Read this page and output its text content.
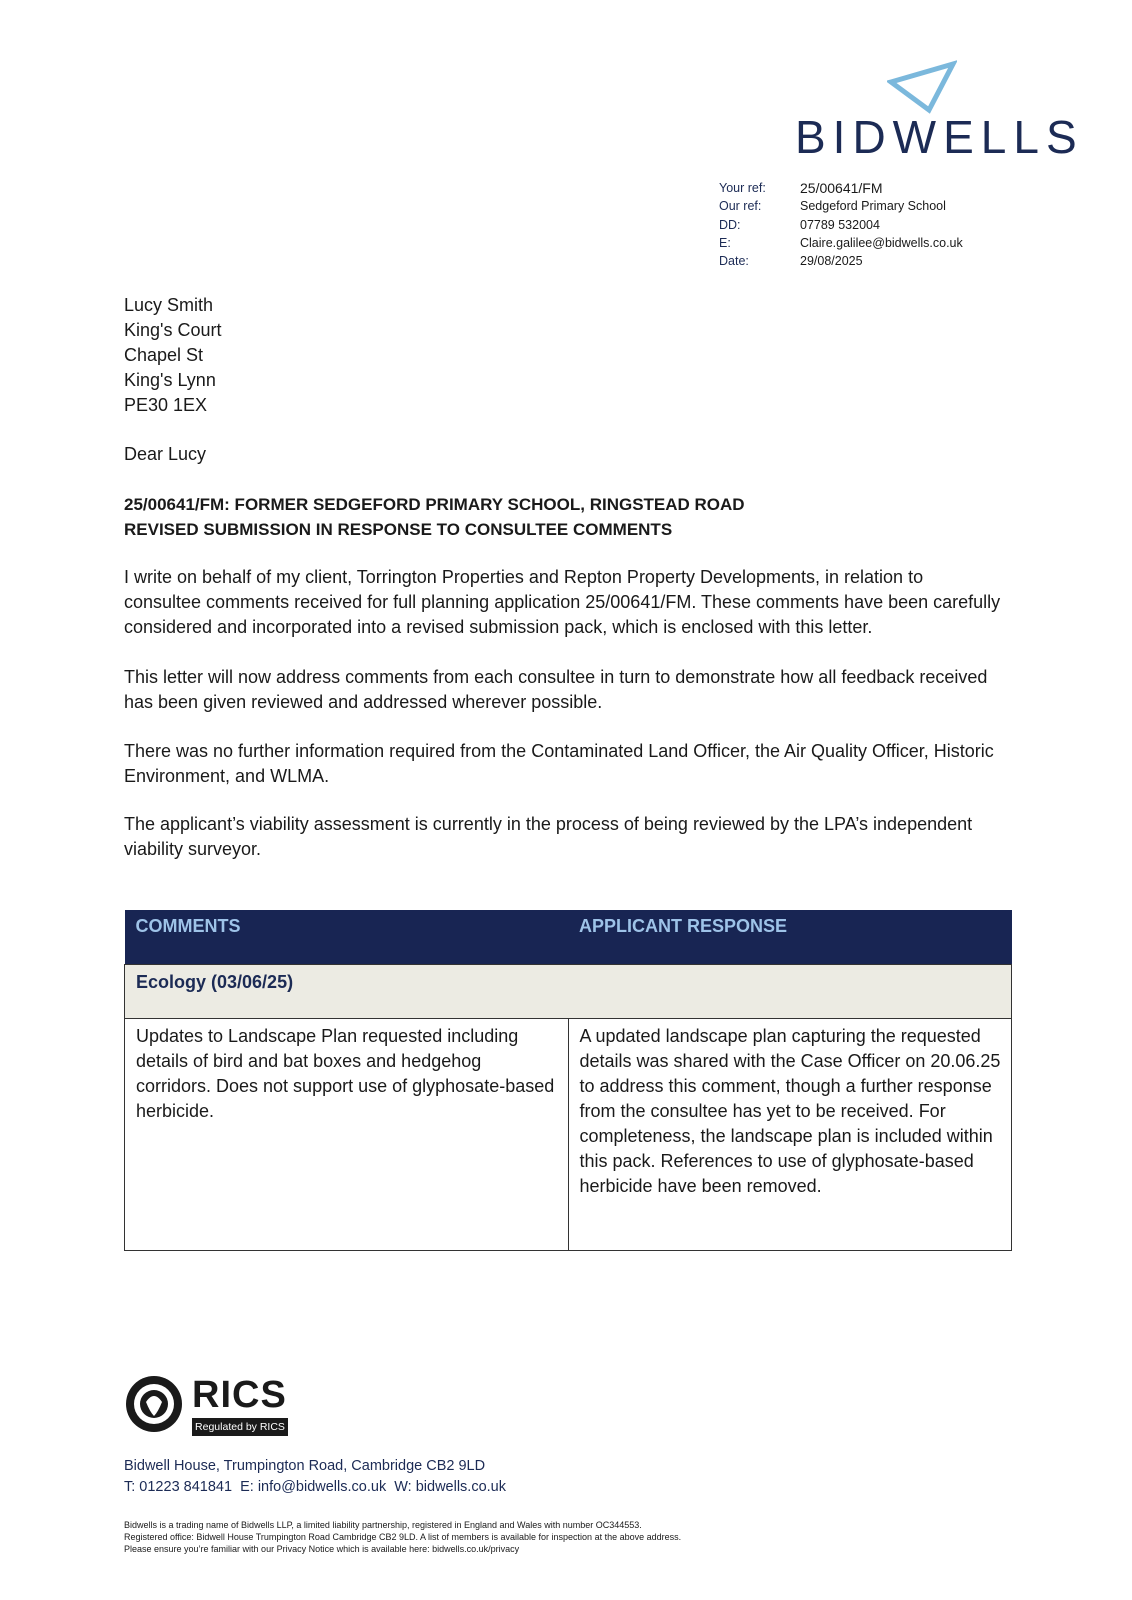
BIDWELLS
Your ref:	25/00641/FM
Our ref:	Sedgeford Primary School
DD:	07789 532004
E:	Claire.galilee@bidwells.co.uk
Date:	29/08/2025
Lucy Smith
King's Court
Chapel St
King's Lynn
PE30 1EX
Dear Lucy
25/00641/FM: FORMER SEDGEFORD PRIMARY SCHOOL, RINGSTEAD ROAD
REVISED SUBMISSION IN RESPONSE TO CONSULTEE COMMENTS
I write on behalf of my client, Torrington Properties and Repton Property Developments, in relation to consultee comments received for full planning application 25/00641/FM. These comments have been carefully considered and incorporated into a revised submission pack, which is enclosed with this letter.
This letter will now address comments from each consultee in turn to demonstrate how all feedback received has been given reviewed and addressed wherever possible.
There was no further information required from the Contaminated Land Officer, the Air Quality Officer, Historic Environment, and WLMA.
The applicant’s viability assessment is currently in the process of being reviewed by the LPA’s independent viability surveyor.
COMMENTS	APPLICANT RESPONSE
Ecology (03/06/25)	
Updates to Landscape Plan requested including details of bird and bat boxes and hedgehog corridors. Does not support use of glyphosate-based herbicide.	A updated landscape plan capturing the requested details was shared with the Case Officer on 20.06.25 to address this comment, though a further response from the consultee has yet to be received. For completeness, the landscape plan is included within this pack. References to use of glyphosate-based herbicide have been removed.
RICS
Regulated by RICS
Bidwell House, Trumpington Road, Cambridge CB2 9LD
T: 01223 841841  E: info@bidwells.co.uk  W: bidwells.co.uk
Bidwells is a trading name of Bidwells LLP, a limited liability partnership, registered in England and Wales with number OC344553.
Registered office: Bidwell House Trumpington Road Cambridge CB2 9LD. A list of members is available for inspection at the above address.
Please ensure you’re familiar with our Privacy Notice which is available here: bidwells.co.uk/privacy
